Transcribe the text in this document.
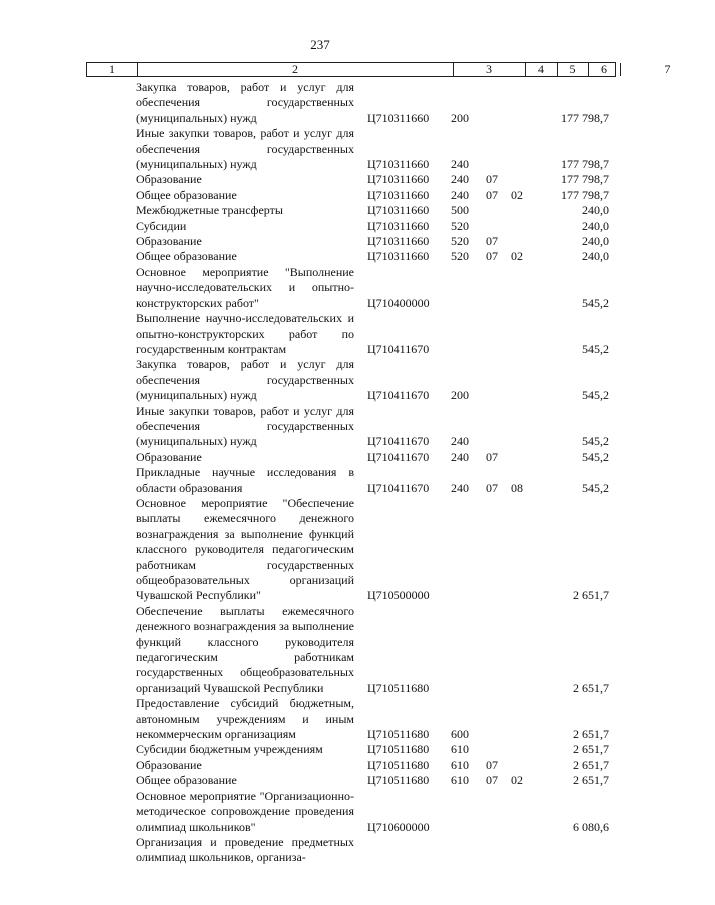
237
1	2	3	4	5	6	7
Закупка товаров, работ и услуг для обеспечения государственных (муниципальных) нужд	Ц710311660 200	177 798,7
Иные закупки товаров, работ и услуг для обеспечения государственных (муниципальных) нужд	Ц710311660 240	177 798,7
Образование	Ц710311660 240 07	177 798,7
Общее образование	Ц710311660 240 07 02	177 798,7
Межбюджетные трансферты	Ц710311660 500	240,0
Субсидии	Ц710311660 520	240,0
Образование	Ц710311660 520 07	240,0
Общее образование	Ц710311660 520 07 02	240,0
Основное мероприятие "Выполнение научно-исследовательских и опытно-конструкторских работ"	Ц710400000	545,2
Выполнение научно-исследовательских и опытно-конструкторских работ по государственным контрактам	Ц710411670	545,2
Закупка товаров, работ и услуг для обеспечения государственных (муниципальных) нужд	Ц710411670 200	545,2
Иные закупки товаров, работ и услуг для обеспечения государственных (муниципальных) нужд	Ц710411670 240	545,2
Образование	Ц710411670 240 07	545,2
Прикладные научные исследования в области образования	Ц710411670 240 07 08	545,2
Основное мероприятие "Обеспечение выплаты ежемесячного денежного вознаграждения за выполнение функций классного руководителя педагогическим работникам государственных общеобразовательных организаций Чувашской Республики"	Ц710500000	2 651,7
Обеспечение выплаты ежемесячного денежного вознаграждения за выполнение функций классного руководителя педагогическим работникам государственных общеобразовательных организаций Чувашской Республики	Ц710511680	2 651,7
Предоставление субсидий бюджетным, автономным учреждениям и иным некоммерческим организациям	Ц710511680 600	2 651,7
Субсидии бюджетным учреждениям	Ц710511680 610	2 651,7
Образование	Ц710511680 610 07	2 651,7
Общее образование	Ц710511680 610 07 02	2 651,7
Основное мероприятие "Организационно-методическое сопровождение проведения олимпиад школьников"	Ц710600000	6 080,6
Организация и проведение предметных олимпиад школьников, организа-
